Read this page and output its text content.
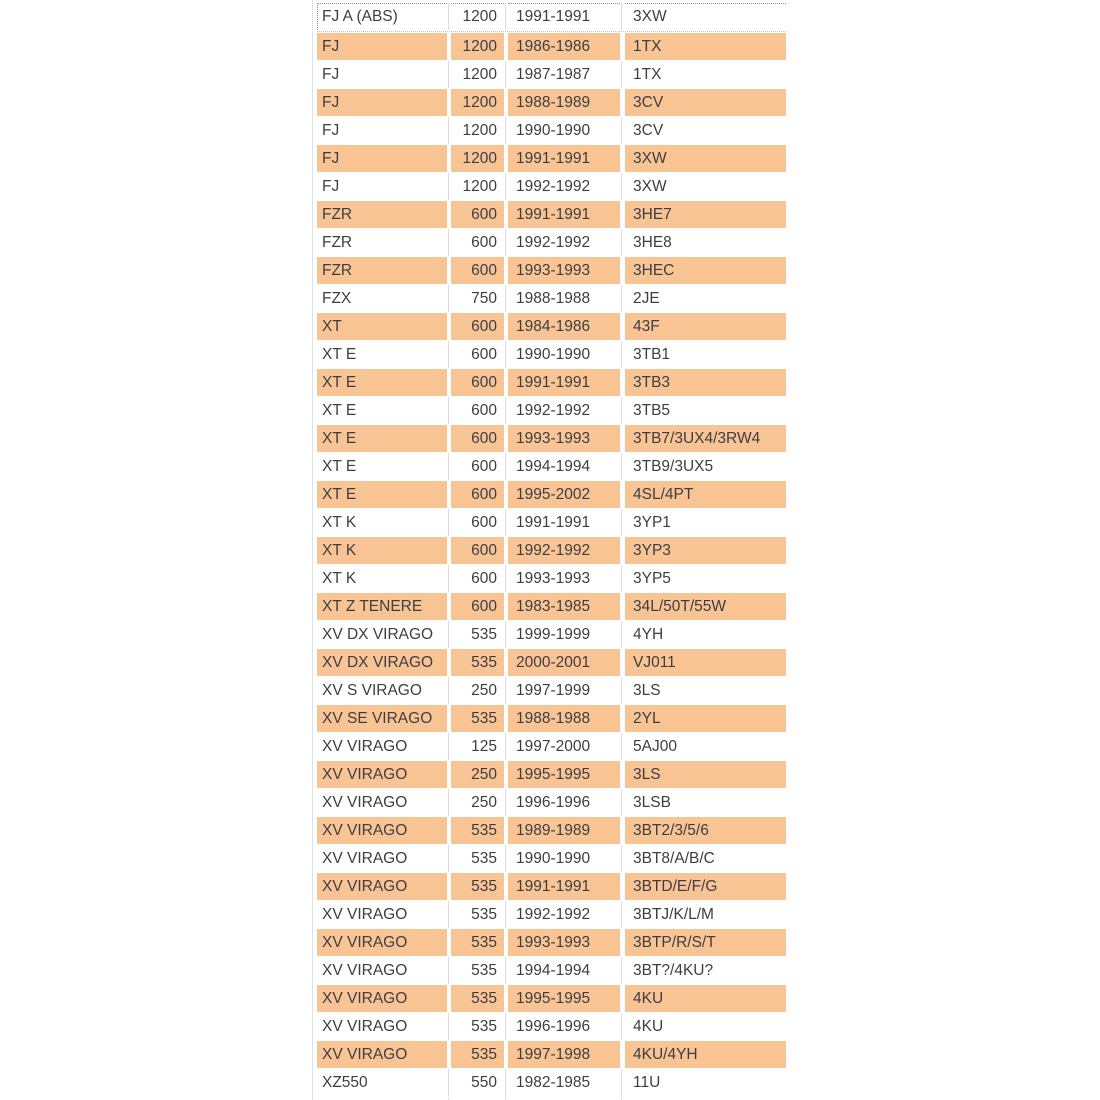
FJ A (ABS)	1200	1991-1991	3XW
FJ	1200	1986-1986	1TX
FJ	1200	1987-1987	1TX
FJ	1200	1988-1989	3CV
FJ	1200	1990-1990	3CV
FJ	1200	1991-1991	3XW
FJ	1200	1992-1992	3XW
FZR	600	1991-1991	3HE7
FZR	600	1992-1992	3HE8
FZR	600	1993-1993	3HEC
FZX	750	1988-1988	2JE
XT	600	1984-1986	43F
XT E	600	1990-1990	3TB1
XT E	600	1991-1991	3TB3
XT E	600	1992-1992	3TB5
XT E	600	1993-1993	3TB7/3UX4/3RW4
XT E	600	1994-1994	3TB9/3UX5
XT E	600	1995-2002	4SL/4PT
XT K	600	1991-1991	3YP1
XT K	600	1992-1992	3YP3
XT K	600	1993-1993	3YP5
XT Z TENERE	600	1983-1985	34L/50T/55W
XV DX VIRAGO	535	1999-1999	4YH
XV DX VIRAGO	535	2000-2001	VJ011
XV S VIRAGO	250	1997-1999	3LS
XV SE VIRAGO	535	1988-1988	2YL
XV VIRAGO	125	1997-2000	5AJ00
XV VIRAGO	250	1995-1995	3LS
XV VIRAGO	250	1996-1996	3LSB
XV VIRAGO	535	1989-1989	3BT2/3/5/6
XV VIRAGO	535	1990-1990	3BT8/A/B/C
XV VIRAGO	535	1991-1991	3BTD/E/F/G
XV VIRAGO	535	1992-1992	3BTJ/K/L/M
XV VIRAGO	535	1993-1993	3BTP/R/S/T
XV VIRAGO	535	1994-1994	3BT?/4KU?
XV VIRAGO	535	1995-1995	4KU
XV VIRAGO	535	1996-1996	4KU
XV VIRAGO	535	1997-1998	4KU/4YH
XZ550	550	1982-1985	11U
